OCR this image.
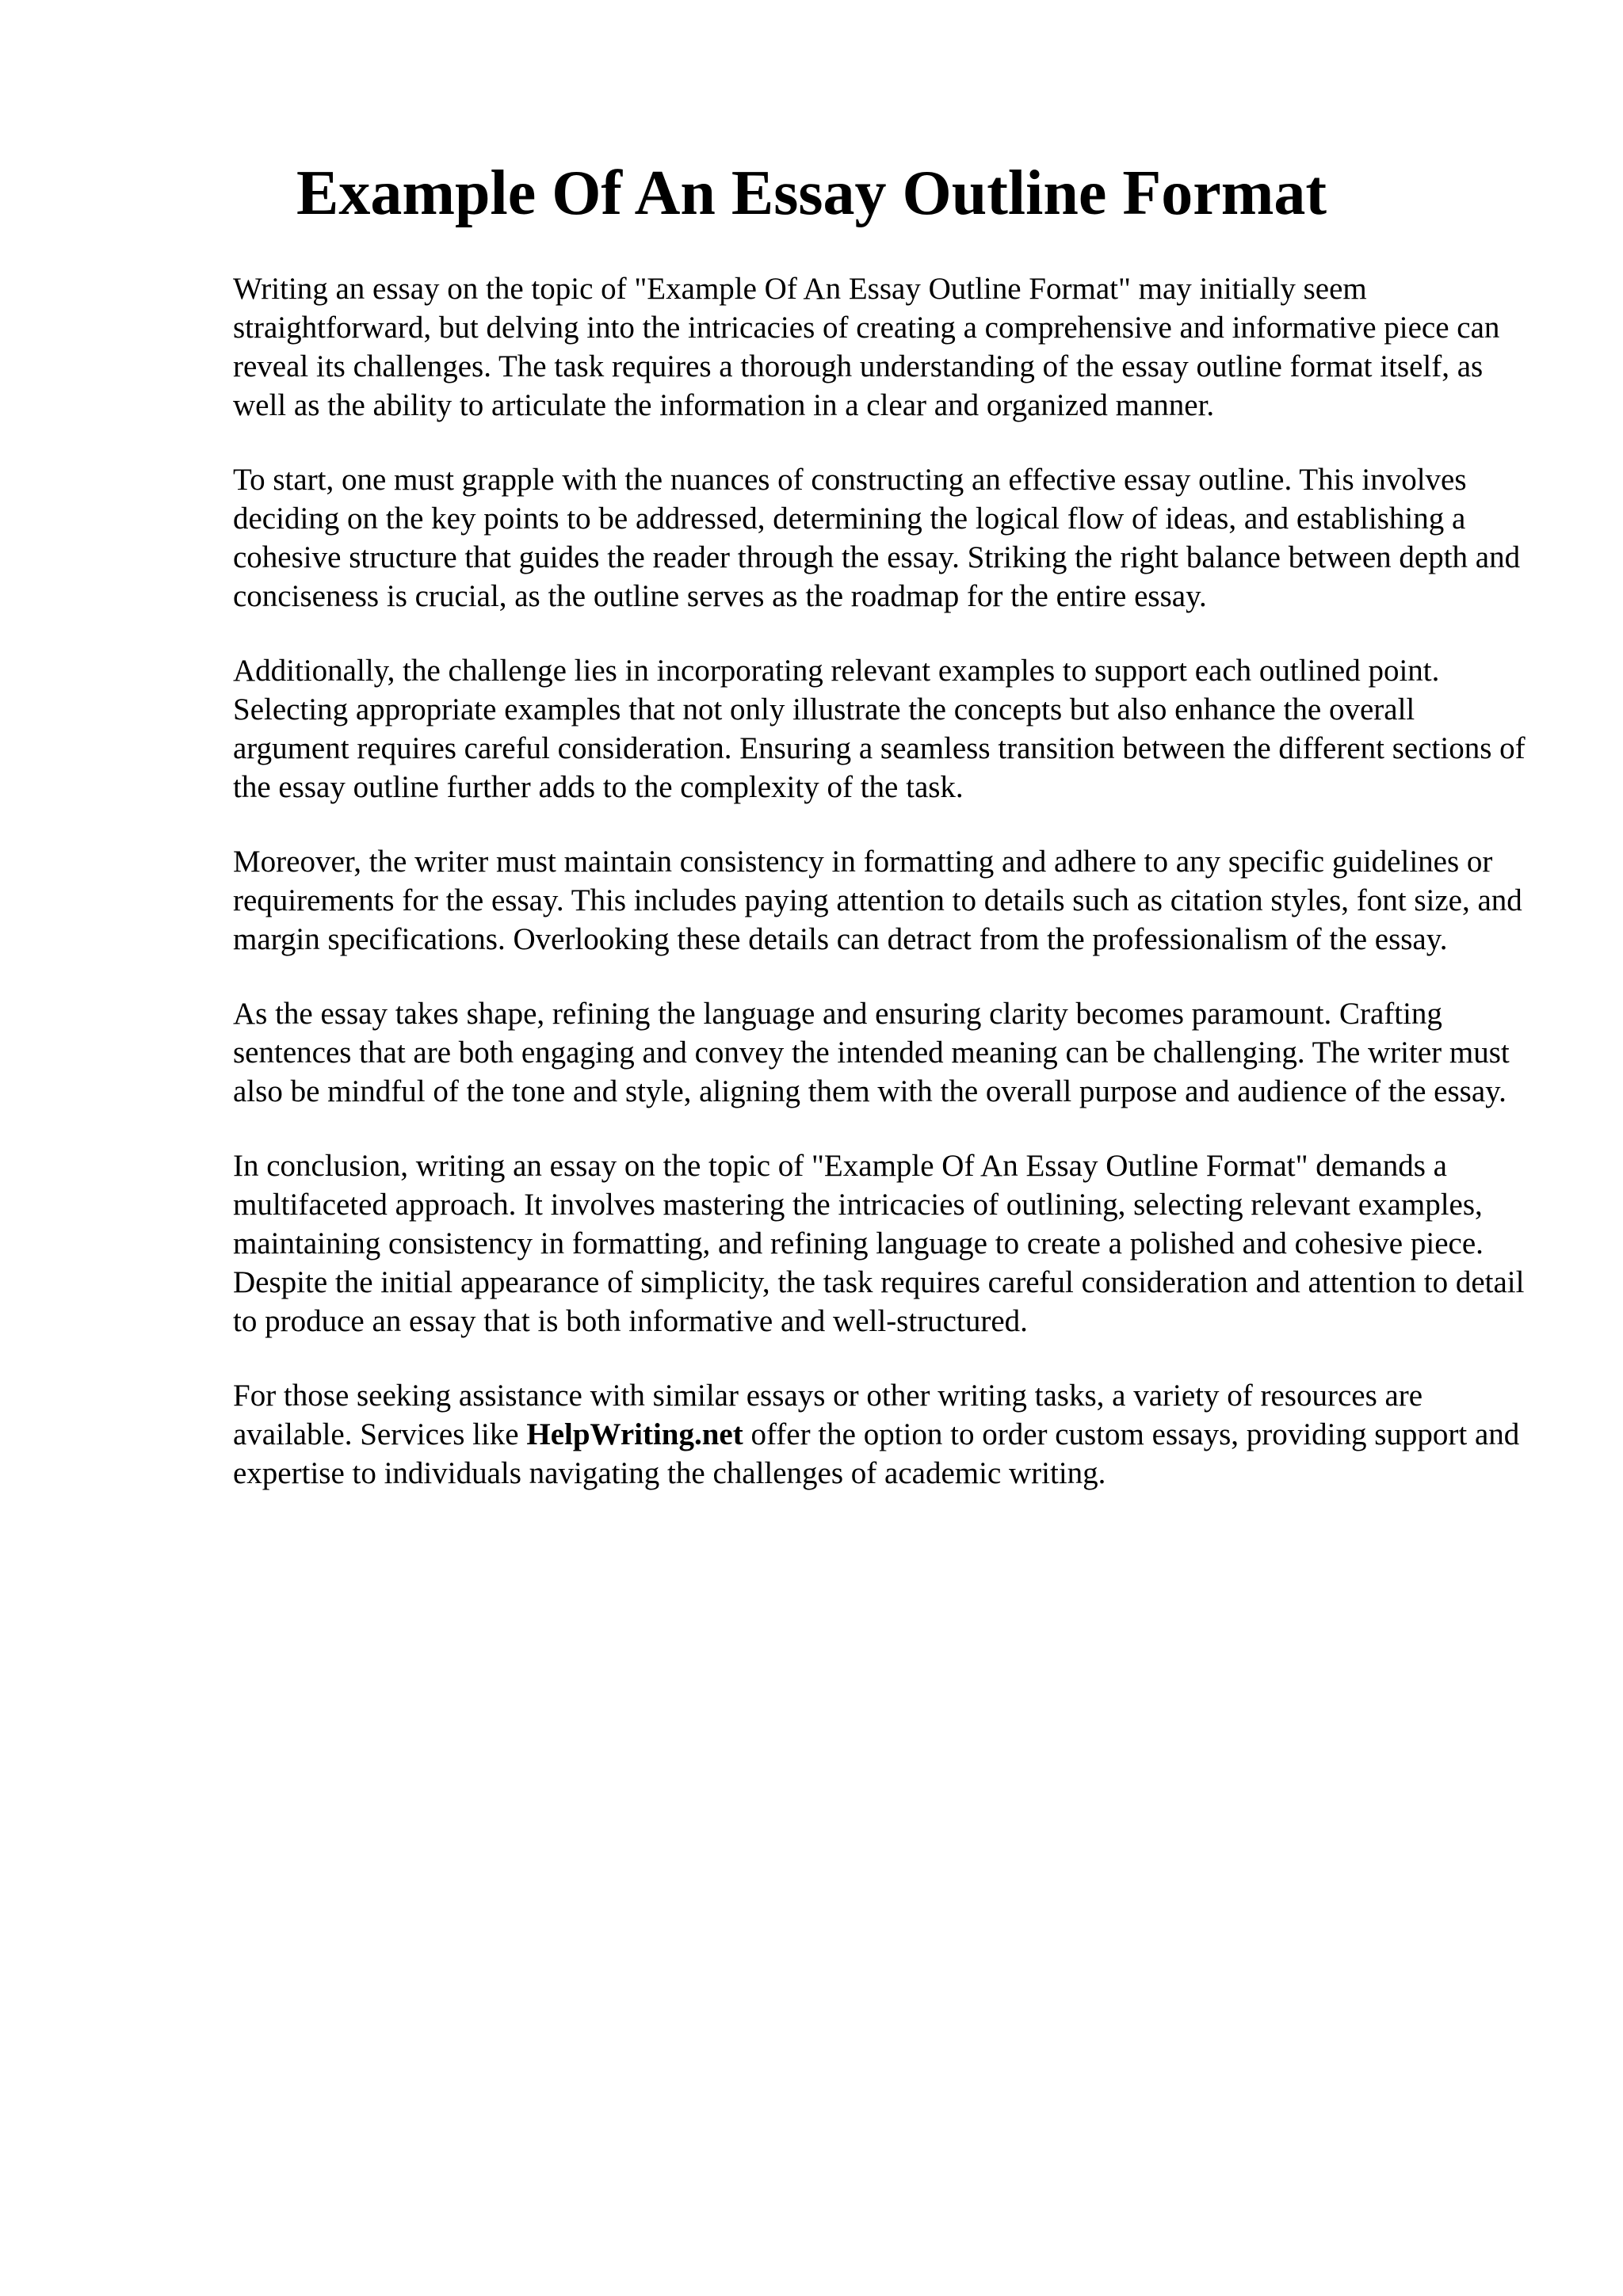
Example Of An Essay Outline Format

Writing an essay on the topic of "Example Of An Essay Outline Format" may initially seem straightforward, but delving into the intricacies of creating a comprehensive and informative piece can reveal its challenges. The task requires a thorough understanding of the essay outline format itself, as well as the ability to articulate the information in a clear and organized manner.

To start, one must grapple with the nuances of constructing an effective essay outline. This involves deciding on the key points to be addressed, determining the logical flow of ideas, and establishing a cohesive structure that guides the reader through the essay. Striking the right balance between depth and conciseness is crucial, as the outline serves as the roadmap for the entire essay.

Additionally, the challenge lies in incorporating relevant examples to support each outlined point. Selecting appropriate examples that not only illustrate the concepts but also enhance the overall argument requires careful consideration. Ensuring a seamless transition between the different sections of the essay outline further adds to the complexity of the task.

Moreover, the writer must maintain consistency in formatting and adhere to any specific guidelines or requirements for the essay. This includes paying attention to details such as citation styles, font size, and margin specifications. Overlooking these details can detract from the professionalism of the essay.

As the essay takes shape, refining the language and ensuring clarity becomes paramount. Crafting sentences that are both engaging and convey the intended meaning can be challenging. The writer must also be mindful of the tone and style, aligning them with the overall purpose and audience of the essay.

In conclusion, writing an essay on the topic of "Example Of An Essay Outline Format" demands a multifaceted approach. It involves mastering the intricacies of outlining, selecting relevant examples, maintaining consistency in formatting, and refining language to create a polished and cohesive piece. Despite the initial appearance of simplicity, the task requires careful consideration and attention to detail to produce an essay that is both informative and well-structured.

For those seeking assistance with similar essays or other writing tasks, a variety of resources are available. Services like HelpWriting.net offer the option to order custom essays, providing support and expertise to individuals navigating the challenges of academic writing.
